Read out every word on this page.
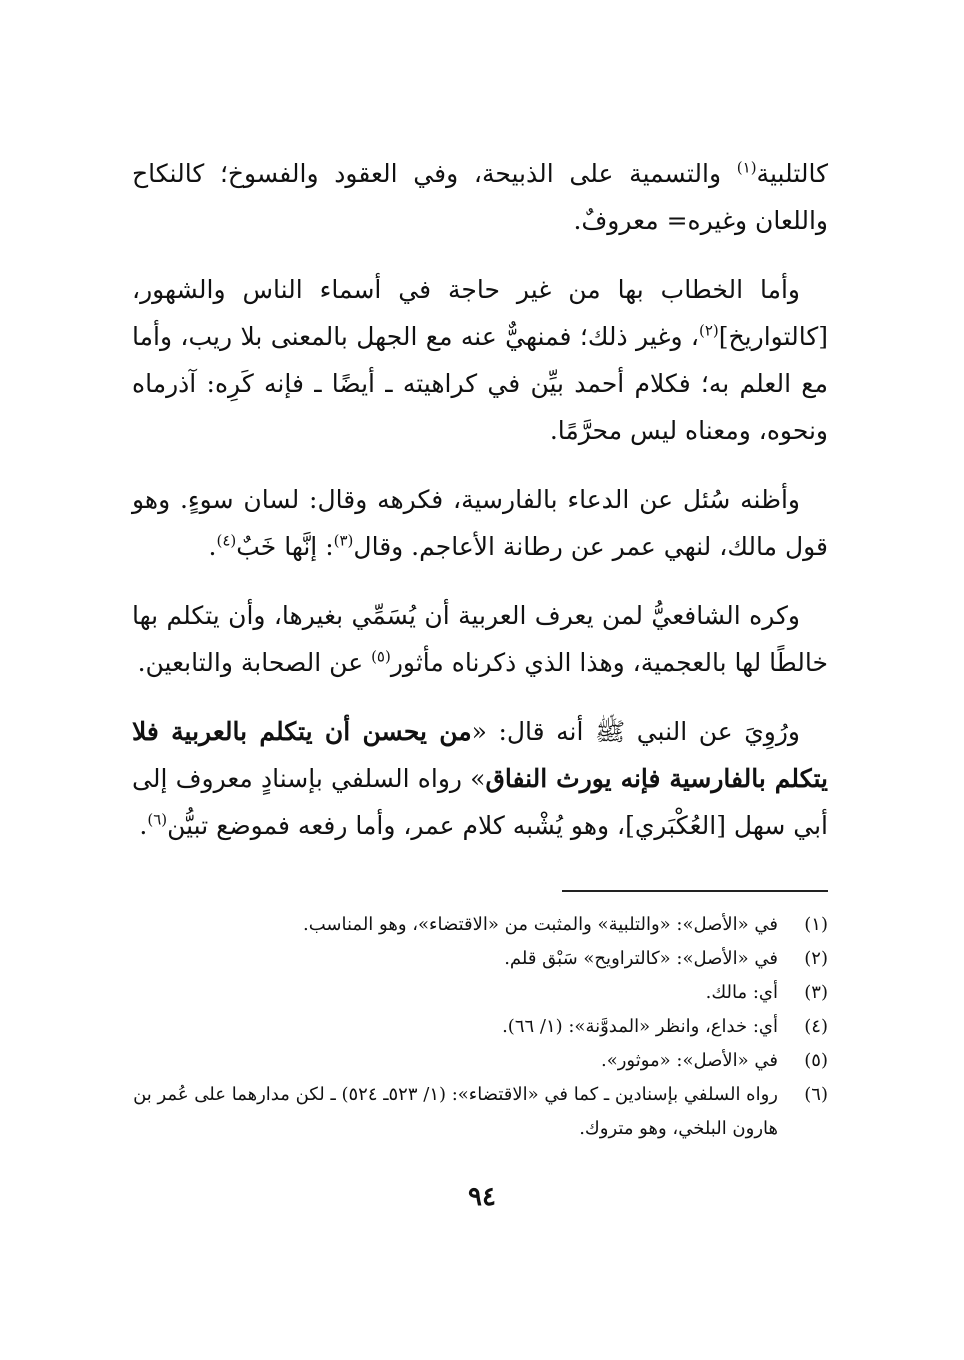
كالتلبية$^{(١)}$ والتسمية على الذبيحة، وفي العقود والفسوخ؛ كالنكاح واللعان وغيره= معروفٌ.

وأما الخطاب بها من غير حاجة في أسماء الناس والشهور، [كالتواريخ]$^{(٢)}$، وغير ذلك؛ فمنهيٌّ عنه مع الجهل بالمعنى بلا ريب، وأما مع العلم به؛ فكلام أحمد بيِّن في كراهيته ـ أيضًا ـ فإنه كَرِه: آذرماه ونحوه، ومعناه ليس محرَّمًا.

وأظنه سُئل عن الدعاء بالفارسية، فكرهه وقال: لسان سوءٍ. وهو قول مالك، لنهي عمر عن رطانة الأعاجم. وقال$^{(٣)}$: إنَّها خَبٌ$^{(٤)}$.

وكره الشافعيُّ لمن يعرف العربية أن يُسَمِّي بغيرها، وأن يتكلم بها خالطًا لها بالعجمية، وهذا الذي ذكرناه مأثور$^{(٥)}$ عن الصحابة والتابعين.

ورُوِيَ عن النبي ﷺ أنه قال: «من يحسن أن يتكلم بالعربية فلا يتكلم بالفارسية فإنه يورث النفاق» رواه السلفي بإسنادٍ معروف إلى أبي سهل [العُكْبَري]، وهو يُشْبه كلام عمر، وأما رفعه فموضع تبيُّن$^{(٦)}$.

(١)
في «الأصل»: «والتلبية» والمثبت من «الاقتضاء»، وهو المناسب.
(٢)
في «الأصل»: «كالتراويح» سَبْق قلم.
(٣)
أي: مالك.
(٤)
أي: خداع، وانظر «المدوَّنة»: (١/ ٦٦).
(٥)
في «الأصل»: «موثور».
(٦)
رواه السلفي بإسنادين ـ كما في «الاقتضاء»: (١/ ٥٢٣ـ ٥٢٤) ـ لكن مدارهما على عُمر بن هارون البلخي، وهو متروك.
٩٤
